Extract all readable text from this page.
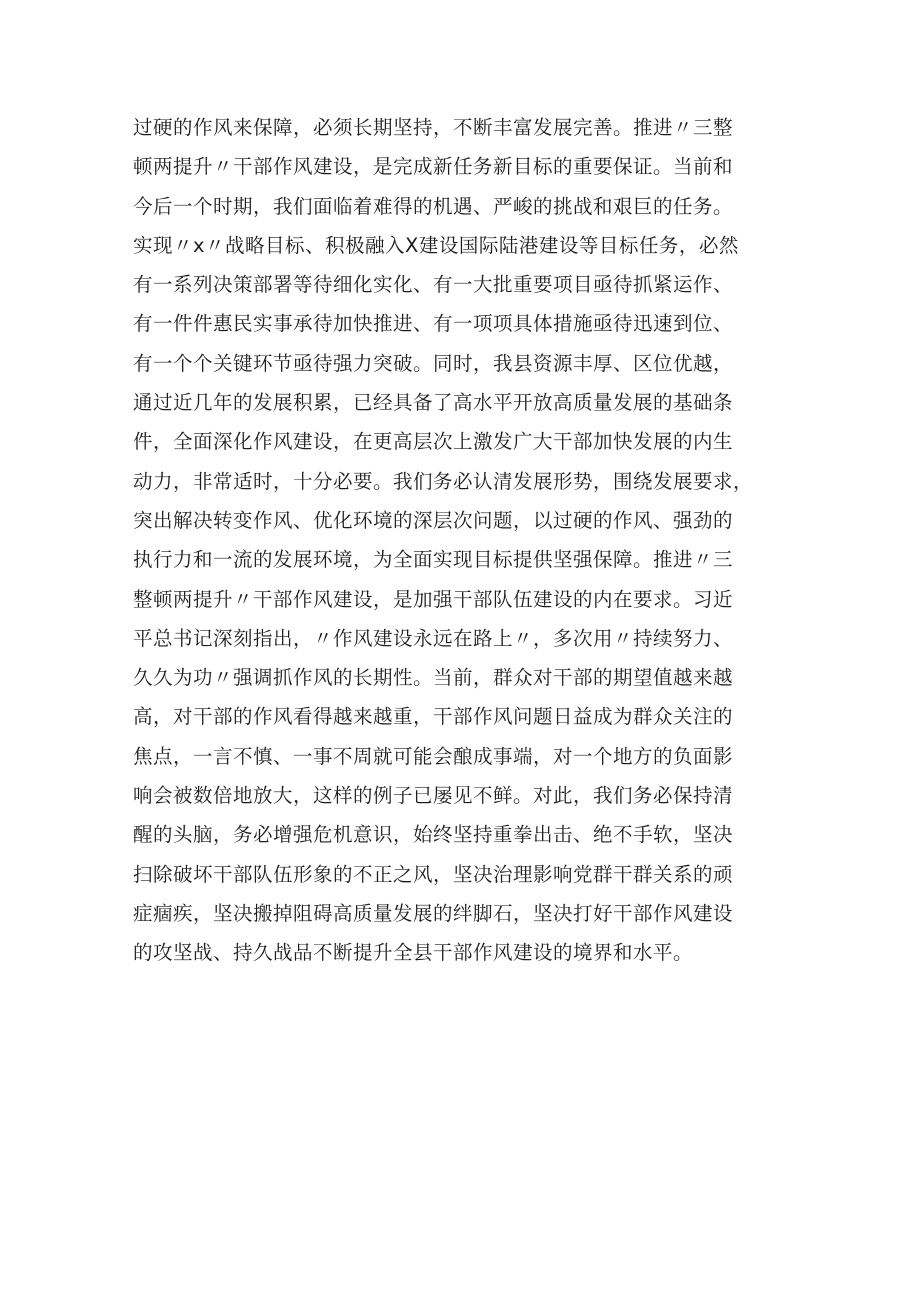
过硬的作风来保障，必须长期坚持，不断丰富发展完善。推进〃三整
顿两提升〃干部作风建设，是完成新任务新目标的重要保证。当前和
今后一个时期，我们面临着难得的机遇、严峻的挑战和艰巨的任务。
实现〃x〃战略目标、积极融入X建设国际陆港建设等目标任务，必然
有一系列决策部署等待细化实化、有一大批重要项目亟待抓紧运作、
有一件件惠民实事承待加快推进、有一项项具体措施亟待迅速到位、
有一个个关键环节亟待强力突破。同时，我县资源丰厚、区位优越，
通过近几年的发展积累，已经具备了高水平开放高质量发展的基础条
件，全面深化作风建设，在更高层次上激发广大干部加快发展的内生
动力，非常适时，十分必要。我们务必认清发展形势，围绕发展要求，
突出解决转变作风、优化环境的深层次问题，以过硬的作风、强劲的
执行力和一流的发展环境，为全面实现目标提供坚强保障。推进〃三
整顿两提升〃干部作风建设，是加强干部队伍建设的内在要求。习近
平总书记深刻指出，〃作风建设永远在路上〃，多次用〃持续努力、
久久为功〃强调抓作风的长期性。当前，群众对干部的期望值越来越
高，对干部的作风看得越来越重，干部作风问题日益成为群众关注的
焦点，一言不慎、一事不周就可能会酿成事端，对一个地方的负面影
响会被数倍地放大，这样的例子已屡见不鲜。对此，我们务必保持清
醒的头脑，务必增强危机意识，始终坚持重拳出击、绝不手软，坚决
扫除破坏干部队伍形象的不正之风，坚决治理影响党群干群关系的顽
症痼疾，坚决搬掉阻碍高质量发展的绊脚石，坚决打好干部作风建设
的攻坚战、持久战品不断提升全县干部作风建设的境界和水平。
